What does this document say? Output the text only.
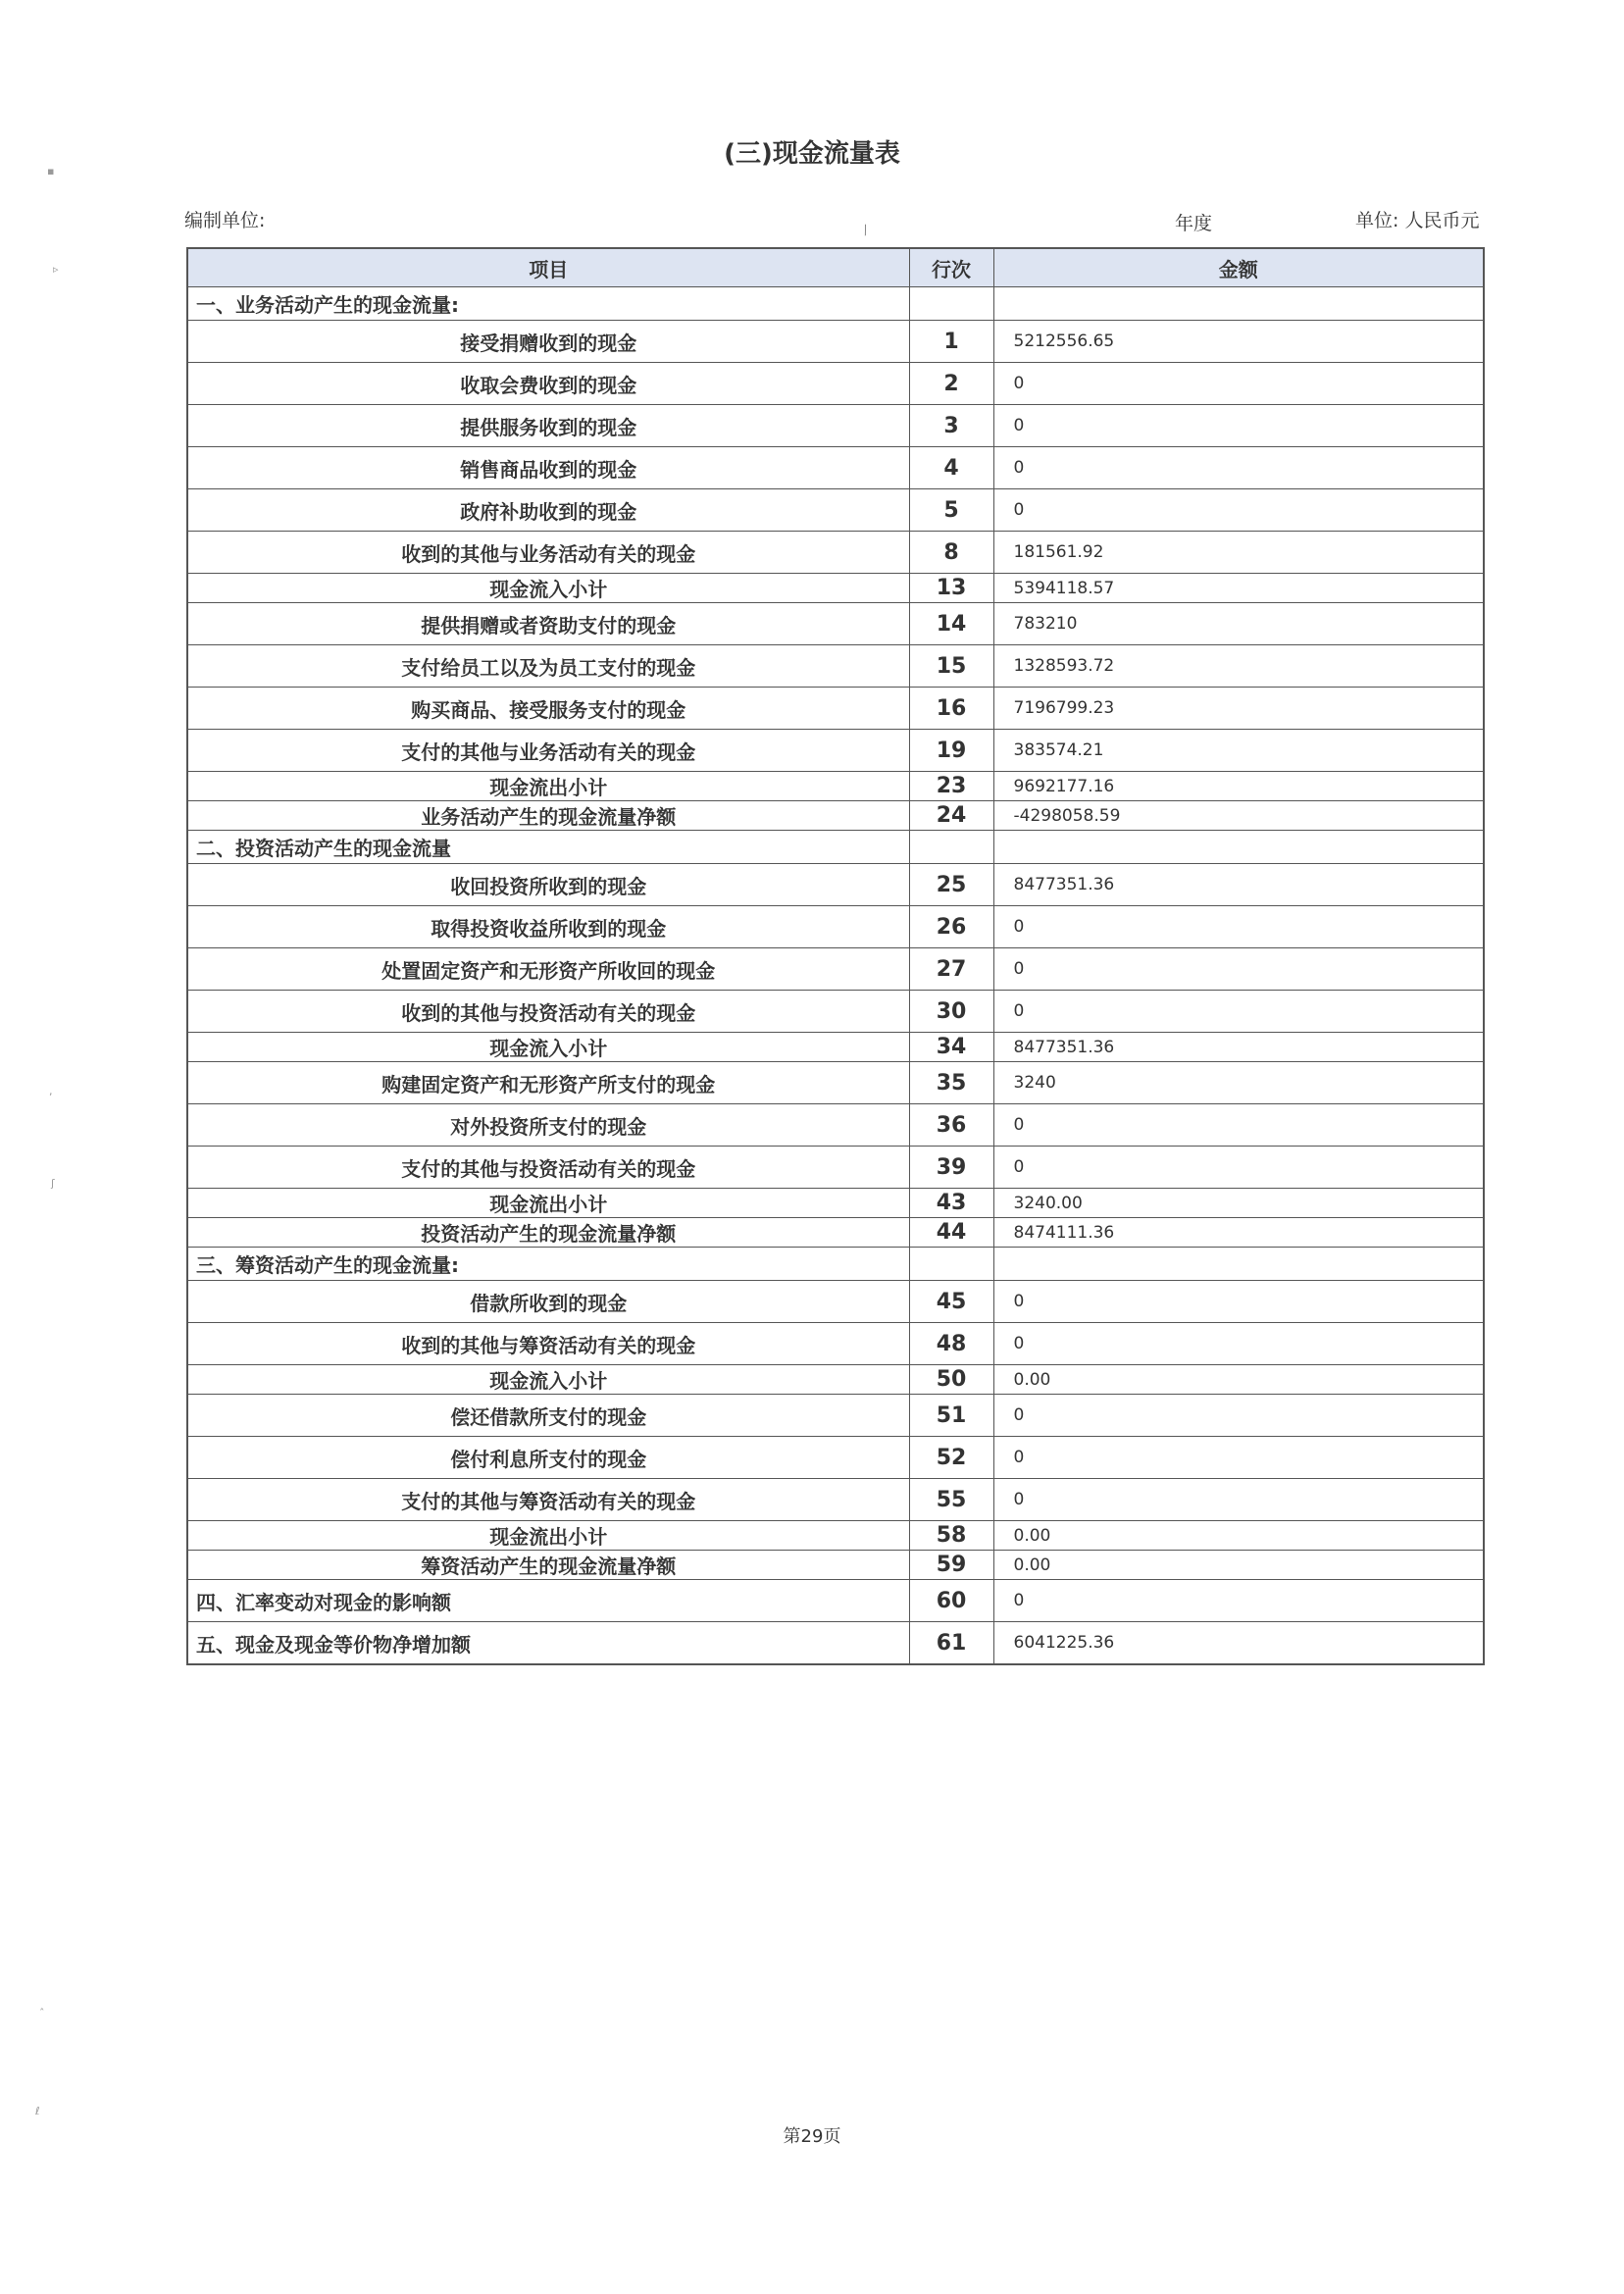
(三)现金流量表
编制单位:	年度	单位: 人民币元
⁄
项目	行次	金额
一、业务活动产生的现金流量:		
接受捐赠收到的现金	1	5212556.65
收取会费收到的现金	2	0
提供服务收到的现金	3	0
销售商品收到的现金	4	0
政府补助收到的现金	5	0
收到的其他与业务活动有关的现金	8	181561.92
现金流入小计	13	5394118.57
提供捐赠或者资助支付的现金	14	783210
支付给员工以及为员工支付的现金	15	1328593.72
购买商品、接受服务支付的现金	16	7196799.23
支付的其他与业务活动有关的现金	19	383574.21
现金流出小计	23	9692177.16
业务活动产生的现金流量净额	24	-4298058.59
二、投资活动产生的现金流量		
收回投资所收到的现金	25	8477351.36
取得投资收益所收到的现金	26	0
处置固定资产和无形资产所收回的现金	27	0
收到的其他与投资活动有关的现金	30	0
现金流入小计	34	8477351.36
购建固定资产和无形资产所支付的现金	35	3240
对外投资所支付的现金	36	0
支付的其他与投资活动有关的现金	39	0
现金流出小计	43	3240.00
投资活动产生的现金流量净额	44	8474111.36
三、筹资活动产生的现金流量:		
借款所收到的现金	45	0
收到的其他与筹资活动有关的现金	48	0
现金流入小计	50	0.00
偿还借款所支付的现金	51	0
偿付利息所支付的现金	52	0
支付的其他与筹资活动有关的现金	55	0
现金流出小计	58	0.00
筹资活动产生的现金流量净额	59	0.00
四、汇率变动对现金的影响额	60	0
五、现金及现金等价物净增加额	61	6041225.36
第29页
▪
▹
,
ʃ
ˆ
ℓ
